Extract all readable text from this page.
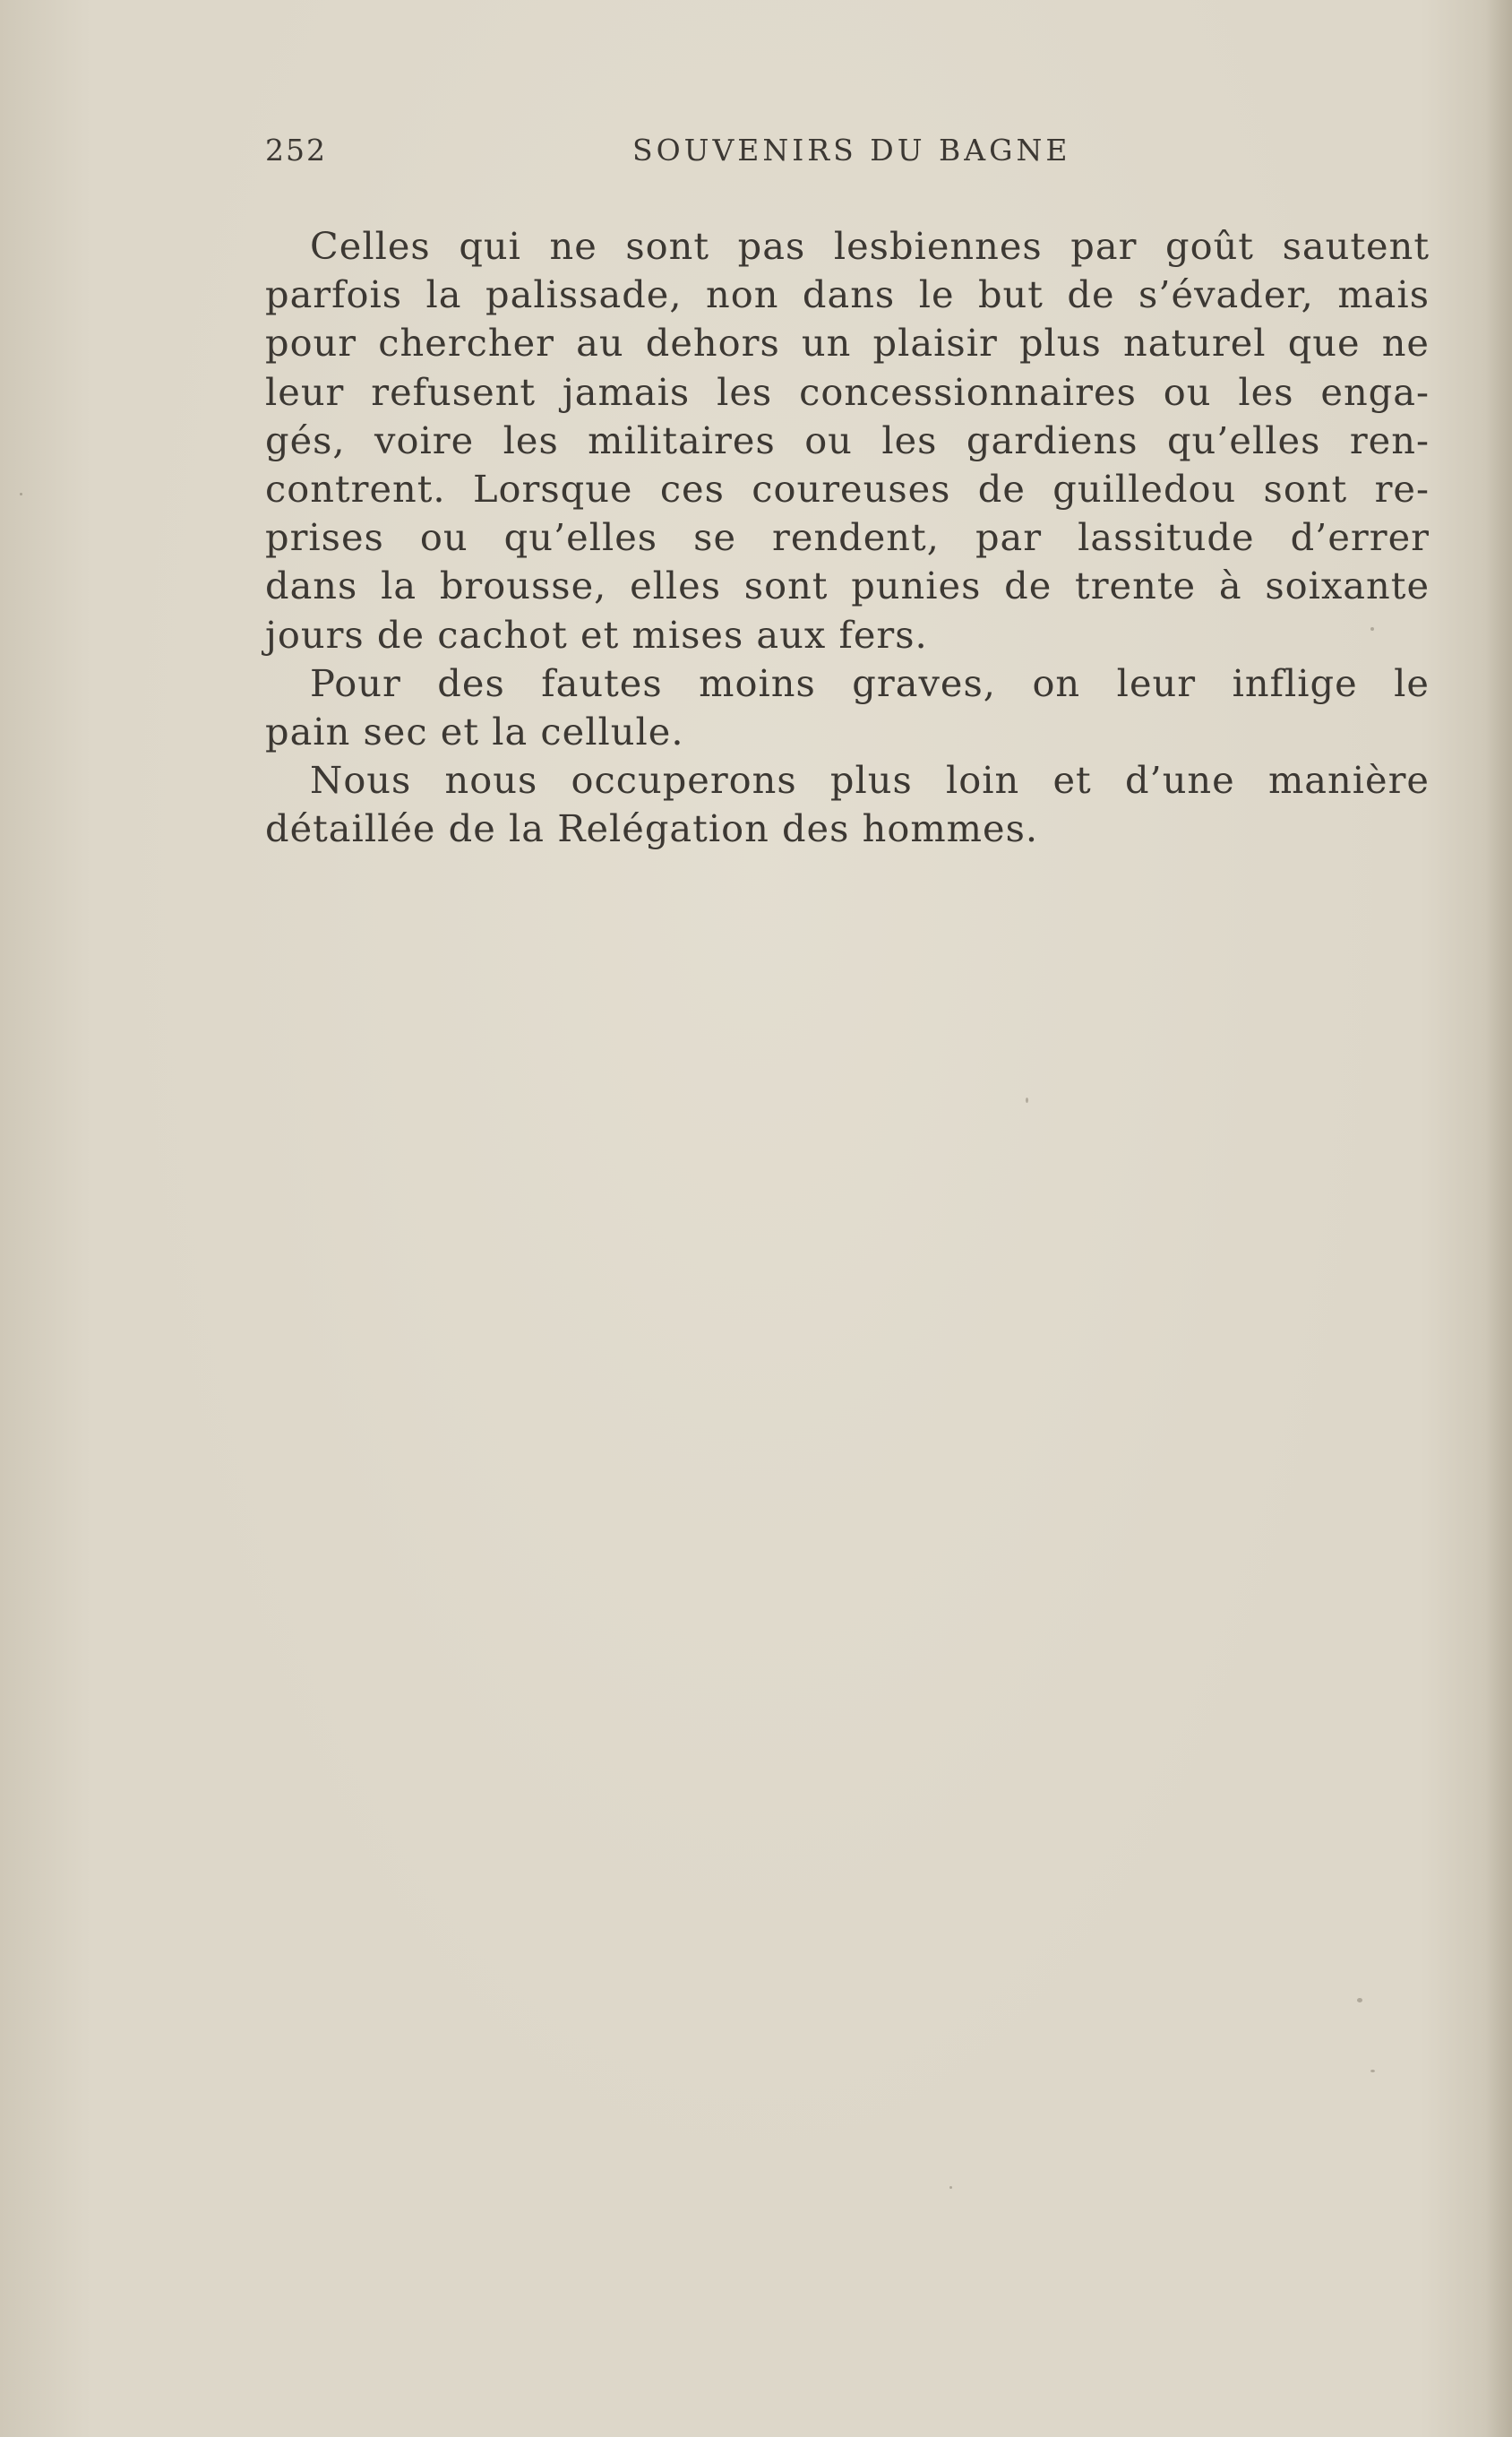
252	SOUVENIRS DU BAGNE
Celles qui ne sont pas lesbiennes par goût sautent
parfois la palissade, non dans le but de s’évader, mais
pour chercher au dehors un plaisir plus naturel que ne
leur refusent jamais les concessionnaires ou les enga-
gés, voire les militaires ou les gardiens qu’elles ren-
contrent. Lorsque ces coureuses de guilledou sont re-
prises ou qu’elles se rendent, par lassitude d’errer
dans la brousse, elles sont punies de trente à soixante
jours de cachot et mises aux fers.
Pour des fautes moins graves, on leur inflige le
pain sec et la cellule.
Nous nous occuperons plus loin et d’une manière
détaillée de la Relégation des hommes.
